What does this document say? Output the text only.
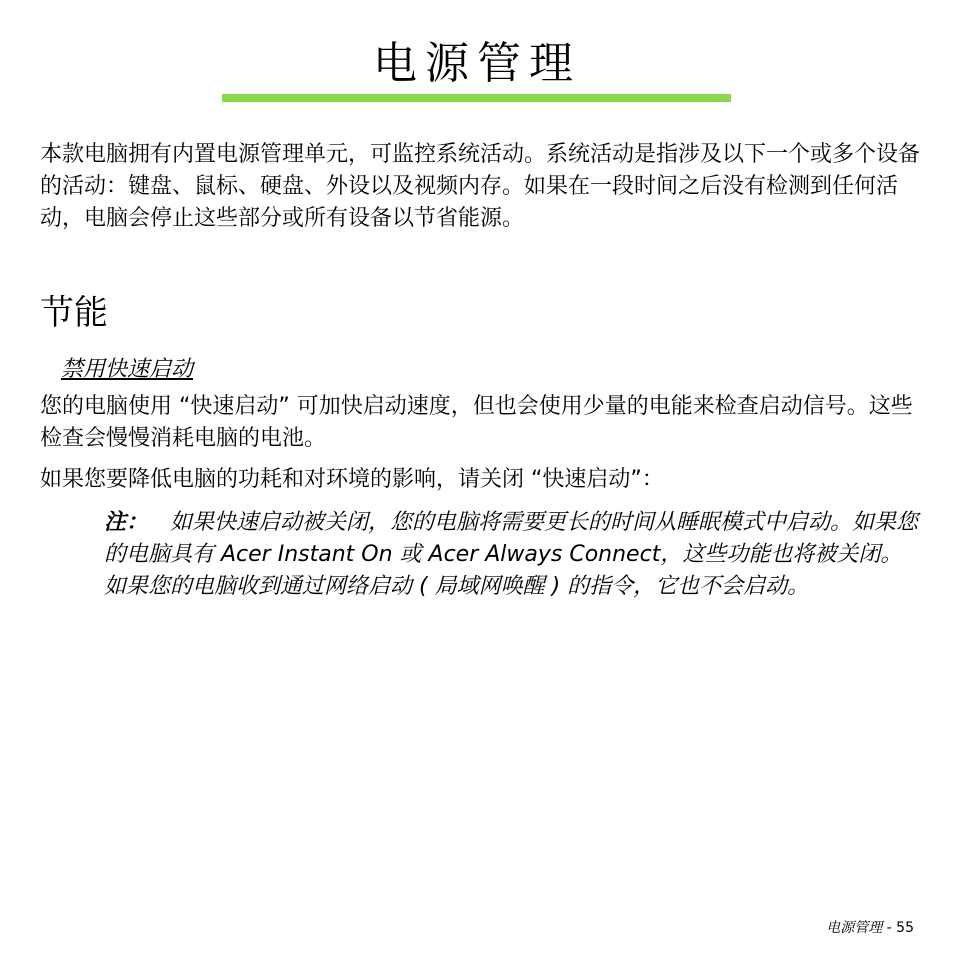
电源管理

本款电脑拥有内置电源管理单元，可监控系统活动。系统活动是指涉及以下一个或多个设备的活动：键盘、鼠标、硬盘、外设以及视频内存。如果在一段时间之后没有检测到任何活动，电脑会停止这些部分或所有设备以节省能源。

节能
禁用快速启动

您的电脑使用 “快速启动” 可加快启动速度，但也会使用少量的电能来检查启动信号。这些检查会慢慢消耗电脑的电池。

如果您要降低电脑的功耗和对环境的影响，请关闭 “快速启动”：

注： 如果快速启动被关闭，您的电脑将需要更长的时间从睡眠模式中启动。如果您的电脑具有 Acer Instant On 或 Acer Always Connect，这些功能也将被关闭。
如果您的电脑收到通过网络启动 ( 局域网唤醒 ) 的指令，它也不会启动。
电源管理 - 55
